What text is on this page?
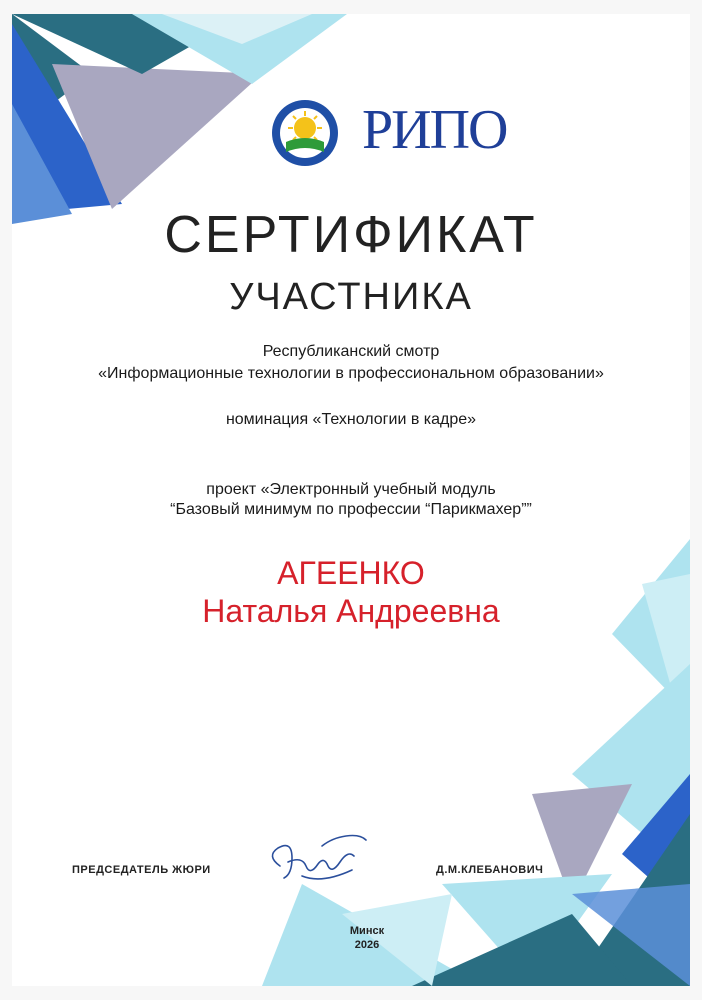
РИПО
СЕРТИФИКАТ
УЧАСТНИКА
Республиканский смотр
«Информационные технологии в профессиональном образовании»
номинация «Технологии в кадре»
проект «Электронный учебный модуль
“Базовый минимум по профессии “Парикмахер””
АГЕЕНКО
Наталья Андреевна
ПРЕДСЕДАТЕЛЬ ЖЮРИ	Д.М.КЛЕБАНОВИЧ
Минск
2026
